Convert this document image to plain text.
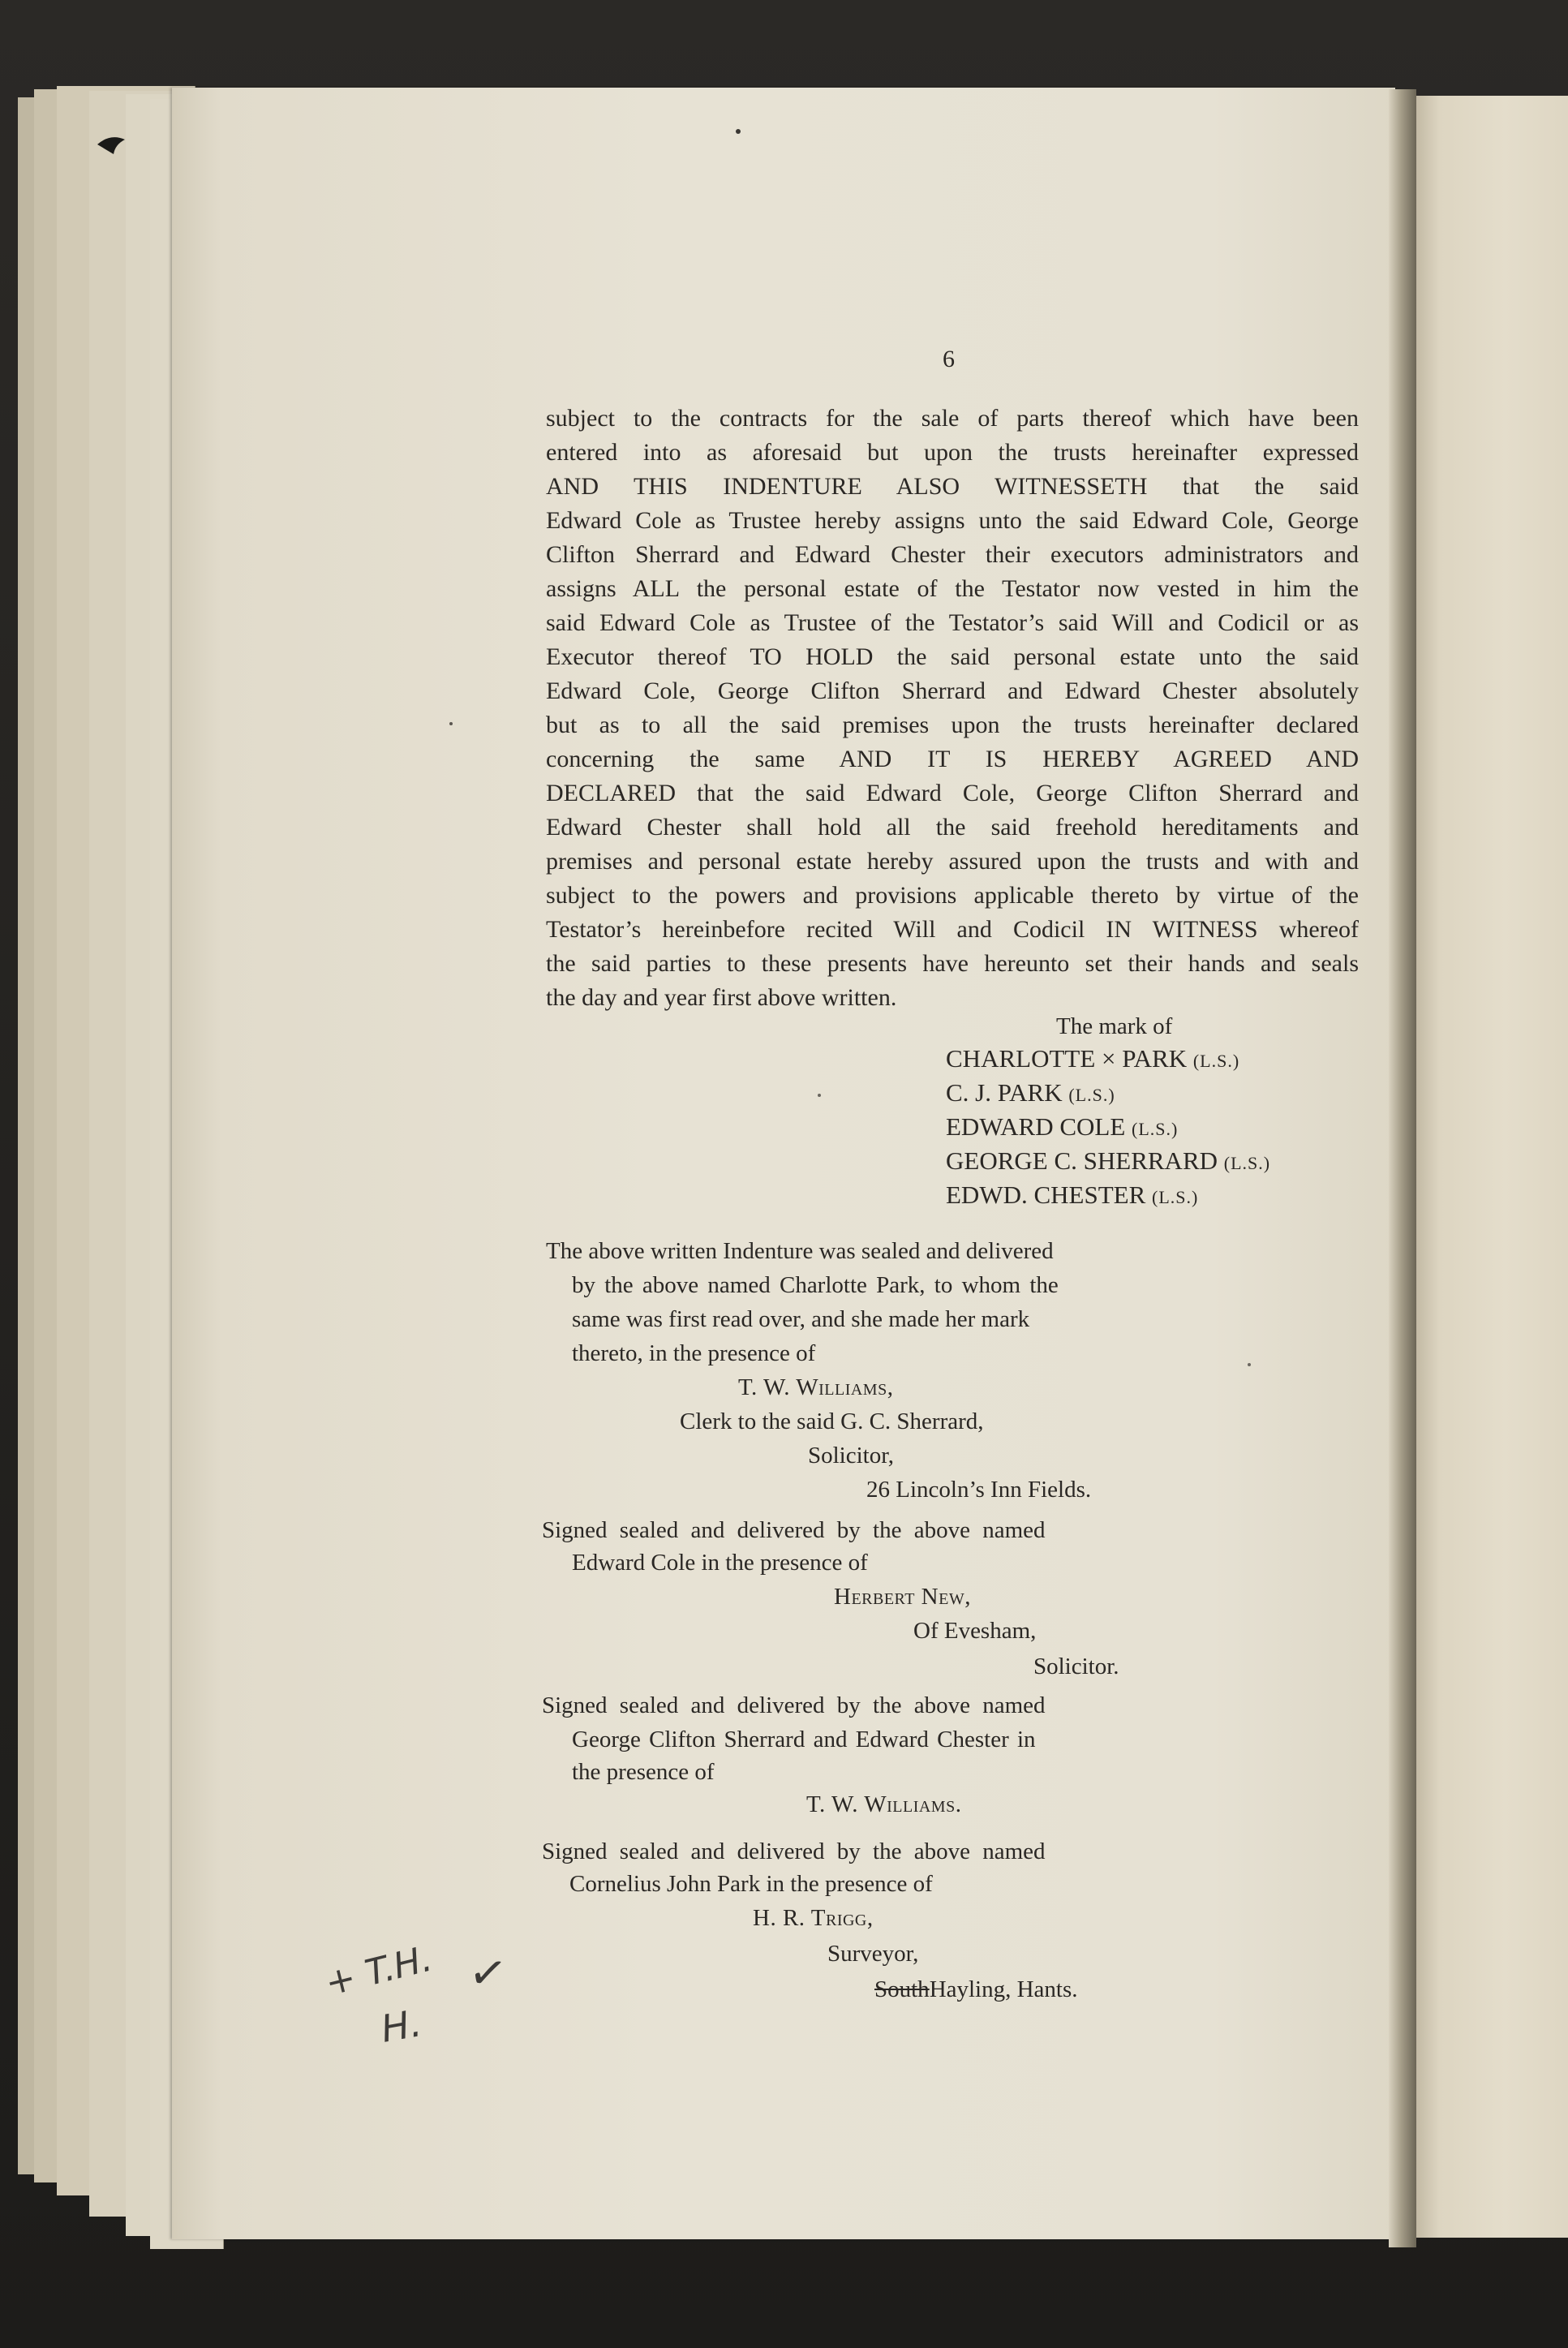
6
subject to the contracts for the sale of parts thereof which have been
entered into as aforesaid but upon the trusts hereinafter expressed
AND THIS INDENTURE ALSO WITNESSETH that the said
Edward Cole as Trustee hereby assigns unto the said Edward Cole, George
Clifton Sherrard and Edward Chester their executors administrators and
assigns ALL the personal estate of the Testator now vested in him the
said Edward Cole as Trustee of the Testator’s said Will and Codicil or as
Executor thereof TO HOLD the said personal estate unto the said
Edward Cole, George Clifton Sherrard and Edward Chester absolutely
but as to all the said premises upon the trusts hereinafter declared
concerning the same AND IT IS HEREBY AGREED AND
DECLARED that the said Edward Cole, George Clifton Sherrard and
Edward Chester shall hold all the said freehold hereditaments and
premises and personal estate hereby assured upon the trusts and with and
subject to the powers and provisions applicable thereto by virtue of the
Testator’s hereinbefore recited Will and Codicil IN WITNESS whereof
the said parties to these presents have hereunto set their hands and seals
the day and year first above written.
The mark of
CHARLOTTE × PARK (L.S.)
C. J. PARK (L.S.)
EDWARD COLE (L.S.)
GEORGE C. SHERRARD (L.S.)
EDWD. CHESTER (L.S.)
The above written Indenture was sealed and delivered
by the above named Charlotte Park, to whom the
same was first read over, and she made her mark
thereto, in the presence of
T. W. Williams,
Clerk to the said G. C. Sherrard,
Solicitor,
26 Lincoln’s Inn Fields.
Signed sealed and delivered by the above named
Edward Cole in the presence of
Herbert New,
Of Evesham,
Solicitor.
Signed sealed and delivered by the above named
George Clifton Sherrard and Edward Chester in
the presence of
T. W. Williams.
Signed sealed and delivered by the above named
Cornelius John Park in the presence of
H. R. Trigg,
Surveyor,
SouthHayling, Hants.
+ T.H.
H.
✓
